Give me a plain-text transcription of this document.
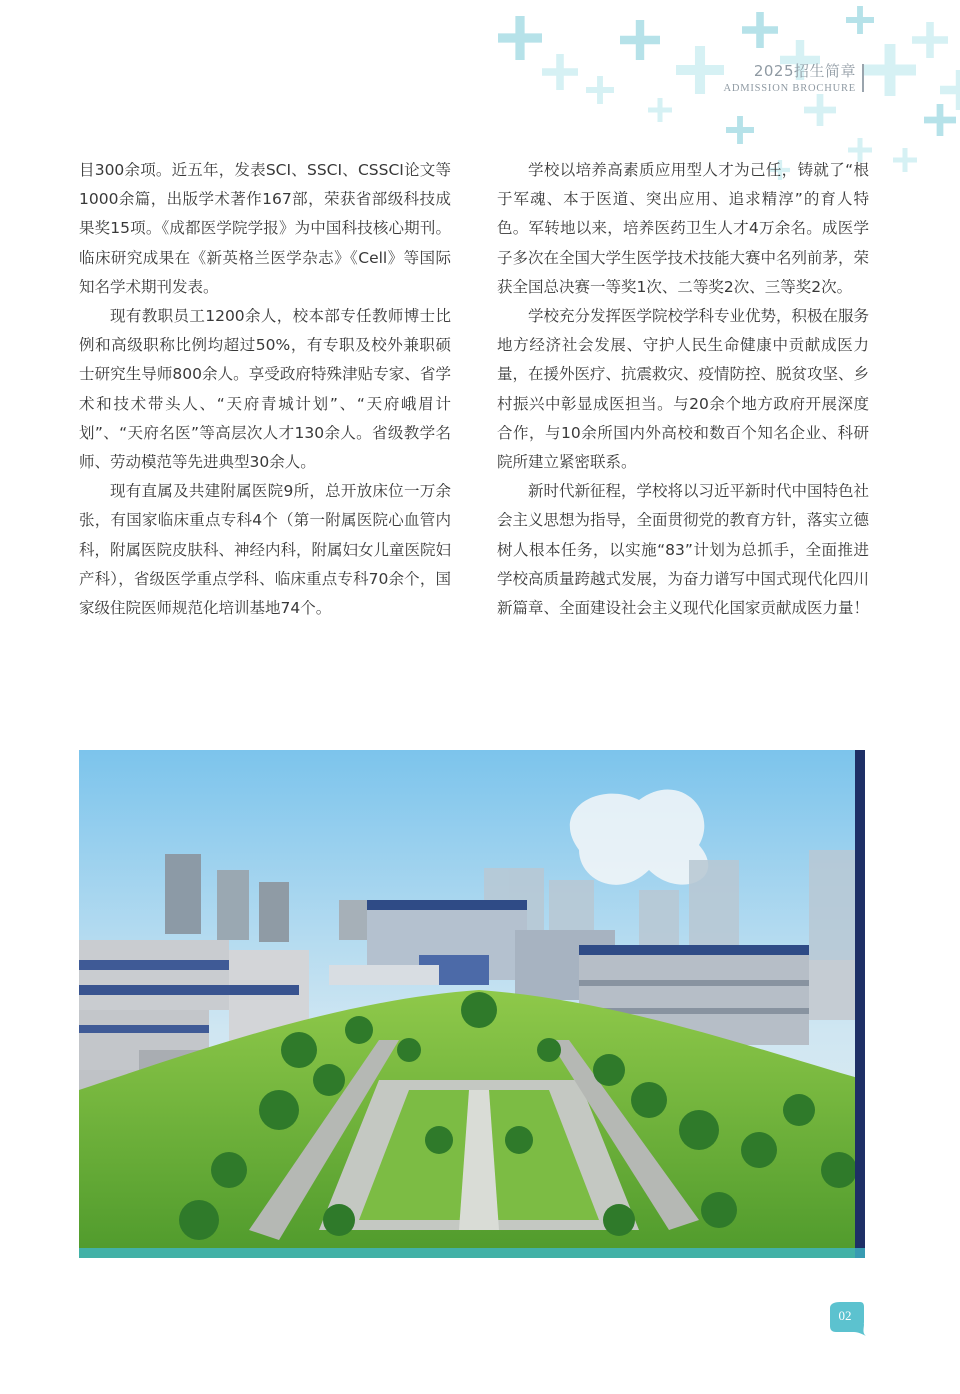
2025招生简章
ADMISSION BROCHURE

目300余项。近五年，发表SCI、SSCI、CSSCI论文等1000余篇，出版学术著作167部，荣获省部级科技成果奖15项。《成都医学院学报》为中国科技核心期刊。临床研究成果在《新英格兰医学杂志》《Cell》等国际知名学术期刊发表。

现有教职员工1200余人，校本部专任教师博士比例和高级职称比例均超过50%，有专职及校外兼职硕士研究生导师800余人。享受政府特殊津贴专家、省学术和技术带头人、“天府青城计划”、“天府峨眉计划”、“天府名医”等高层次人才130余人。省级教学名师、劳动模范等先进典型30余人。

现有直属及共建附属医院9所，总开放床位一万余张，有国家临床重点专科4个（第一附属医院心血管内科，附属医院皮肤科、神经内科，附属妇女儿童医院妇产科），省级医学重点学科、临床重点专科70余个，国家级住院医师规范化培训基地74个。

学校以培养高素质应用型人才为己任，铸就了“根于军魂、本于医道、突出应用、追求精淳”的育人特色。军转地以来，培养医药卫生人才4万余名。成医学子多次在全国大学生医学技术技能大赛中名列前茅，荣获全国总决赛一等奖1次、二等奖2次、三等奖2次。

学校充分发挥医学院校学科专业优势，积极在服务地方经济社会发展、守护人民生命健康中贡献成医力量，在援外医疗、抗震救灾、疫情防控、脱贫攻坚、乡村振兴中彰显成医担当。与20余个地方政府开展深度合作，与10余所国内外高校和数百个知名企业、科研院所建立紧密联系。

新时代新征程，学校将以习近平新时代中国特色社会主义思想为指导，全面贯彻党的教育方针，落实立德树人根本任务，以实施“83”计划为总抓手，全面推进学校高质量跨越式发展，为奋力谱写中国式现代化四川新篇章、全面建设社会主义现代化国家贡献成医力量！

02
